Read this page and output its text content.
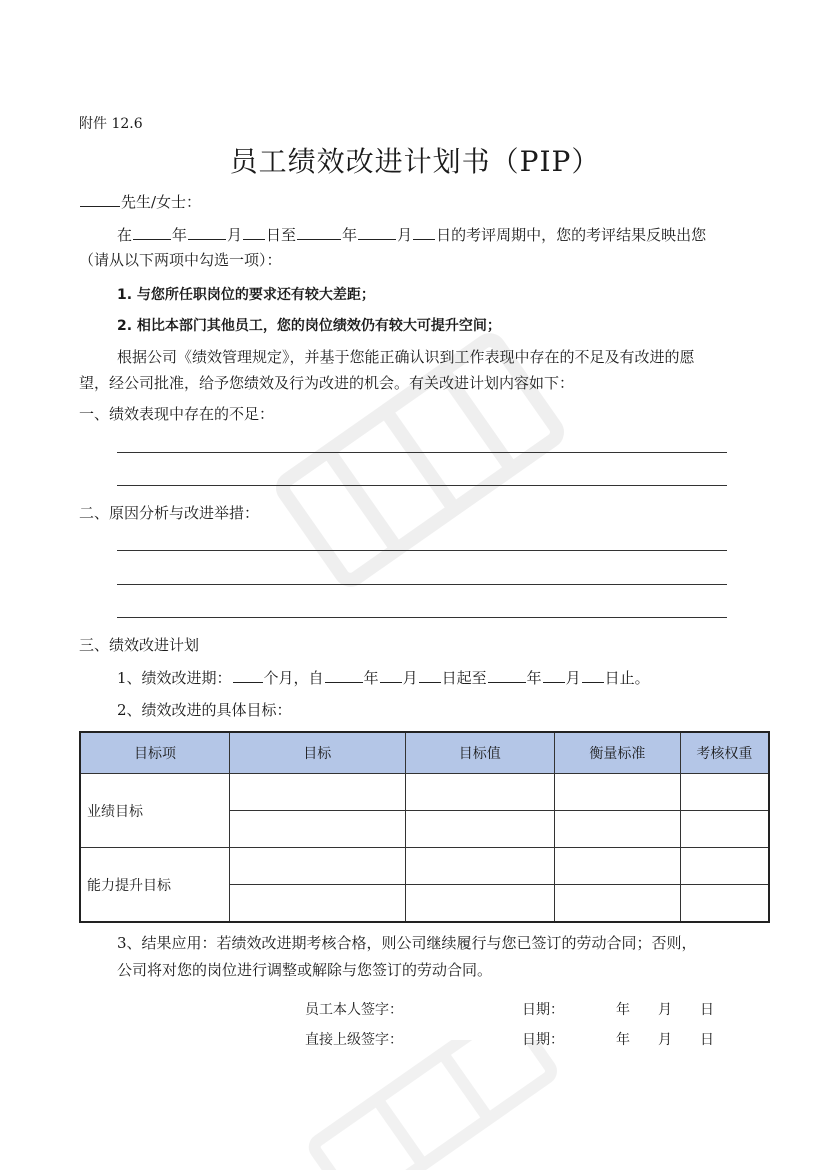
附件 12.6
员工绩效改进计划书（PIP）
先生/女士：
在	年	月 日至	年	月 日的考评周期中，您的考评结果反映出您
（请从以下两项中勾选一项）：
1. 与您所任职岗位的要求还有较大差距；
2. 相比本部门其他员工，您的岗位绩效仍有较大可提升空间；
根据公司《绩效管理规定》，并基于您能正确认识到工作表现中存在的不足及有改进的愿
望，经公司批准，给予您绩效及行为改进的机会。有关改进计划内容如下：
一、绩效表现中存在的不足：
二、原因分析与改进举措：
三、绩效改进计划
1、绩效改进期： 个月，自	年 月 日起至	年 月 日止。
2、绩效改进的具体目标：
目标项	目标	目标值	衡量标准	考核权重
业绩目标				

能力提升目标				

3、结果应用：若绩效改进期考核合格，则公司继续履行与您已签订的劳动合同；否则，
公司将对您的岗位进行调整或解除与您签订的劳动合同。
员工本人签字：	日期：	年 月 日
直接上级签字：	日期：	年 月 日
